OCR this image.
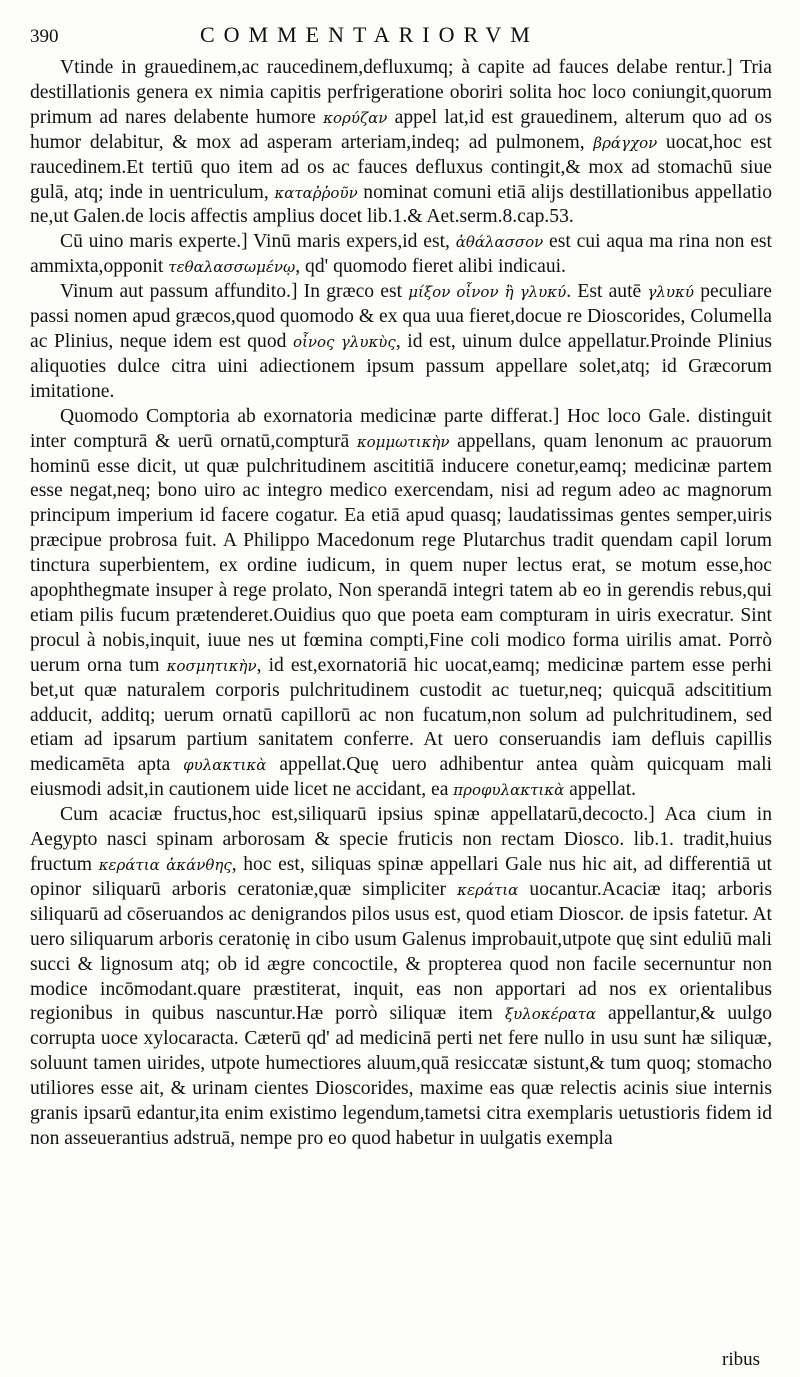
390	COMMENTARIORVM

Vtinde in grauedinem,ac raucedinem,defluxumq; à capite ad fauces delabe rentur.] Tria destillationis genera ex nimia capitis perfrigeratione oboriri solita hoc loco coniungit,quorum primum ad nares delabente humore κορύζαν appel lat,id est grauedinem, alterum quo ad os humor delabitur, & mox ad asperam arteriam,indeq; ad pulmonem, βράγχον uocat,hoc est raucedinem.Et tertiū quo item ad os ac fauces defluxus contingit,& mox ad stomachū siue gulā, atq; inde in uentriculum, καταῤῥοῦν nominat comuni etiā alijs destillationibus appellatio ne,ut Galen.de locis affectis amplius docet lib.1.& Aet.serm.8.cap.53.

Cū uino maris experte.] Vinū maris expers,id est, ἀθάλασσον est cui aqua ma rina non est ammixta,opponit τεθαλασσωμένῳ, qd' quomodo fieret alibi indicaui.

Vinum aut passum affundito.] In græco est μίξον οἶνον ἢ γλυκύ. Est autē γλυκύ peculiare passi nomen apud græcos,quod quomodo & ex qua uua fieret,docue re Dioscorides, Columella ac Plinius, neque idem est quod οἶνος γλυκὺς, id est, uinum dulce appellatur.Proinde Plinius aliquoties dulce citra uini adiectionem ipsum passum appellare solet,atq; id Græcorum imitatione.

Quomodo Comptoria ab exornatoria medicinæ parte differat.] Hoc loco Gale. distinguit inter compturā & uerū ornatū,compturā κομμωτικὴν appellans, quam lenonum ac prauorum hominū esse dicit, ut quæ pulchritudinem ascititiā inducere conetur,eamq; medicinæ partem esse negat,neq; bono uiro ac integro medico exercendam, nisi ad regum adeo ac magnorum principum imperium id facere cogatur. Ea etiā apud quasq; laudatissimas gentes semper,uiris præcipue probrosa fuit. A Philippo Macedonum rege Plutarchus tradit quendam capil lorum tinctura superbientem, ex ordine iudicum, in quem nuper lectus erat, se motum esse,hoc apophthegmate insuper à rege prolato, Non sperandā integri tatem ab eo in gerendis rebus,qui etiam pilis fucum prætenderet.Ouidius quo que poeta eam compturam in uiris execratur. Sint procul à nobis,inquit, iuue nes ut fœmina compti,Fine coli modico forma uirilis amat. Porrò uerum orna tum κοσμητικὴν, id est,exornatoriā hic uocat,eamq; medicinæ partem esse perhi bet,ut quæ naturalem corporis pulchritudinem custodit ac tuetur,neq; quicquā adscititium adducit, additq; uerum ornatū capillorū ac non fucatum,non solum ad pulchritudinem, sed etiam ad ipsarum partium sanitatem conferre. At uero conseruandis iam defluis capillis medicamēta apta φυλακτικὰ appellat.Quę uero adhibentur antea quàm quicquam mali eiusmodi adsit,in cautionem uide licet ne accidant, ea προφυλακτικὰ appellat.

Cum acaciæ fructus,hoc est,siliquarū ipsius spinæ appellatarū,decocto.] Aca cium in Aegypto nasci spinam arborosam & specie fruticis non rectam Diosco. lib.1. tradit,huius fructum κεράτια ἀκάνθης, hoc est, siliquas spinæ appellari Gale nus hic ait, ad differentiā ut opinor siliquarū arboris ceratoniæ,quæ simpliciter κεράτια uocantur.Acaciæ itaq; arboris siliquarū ad cōseruandos ac denigrandos pilos usus est, quod etiam Dioscor. de ipsis fatetur. At uero siliquarum arboris ceratonię in cibo usum Galenus improbauit,utpote quę sint eduliū mali succi & lignosum atq; ob id ægre concoctile, & propterea quod non facile secernuntur non modice incōmodant.quare præstiterat, inquit, eas non apportari ad nos ex orientalibus regionibus in quibus nascuntur.Hæ porrò siliquæ item ξυλοκέρατα appellantur,& uulgo corrupta uoce xylocaracta. Cæterū qd' ad medicinā perti net fere nullo in usu sunt hæ siliquæ, soluunt tamen uirides, utpote humectiores aluum,quā resiccatæ sistunt,& tum quoq; stomacho utiliores esse ait, & urinam cientes Dioscorides, maxime eas quæ relectis acinis siue internis granis ipsarū edantur,ita enim existimo legendum,tametsi citra exemplaris uetustioris fidem id non asseuerantius adstruā, nempe pro eo quod habetur in uulgatis exempla

ribus
